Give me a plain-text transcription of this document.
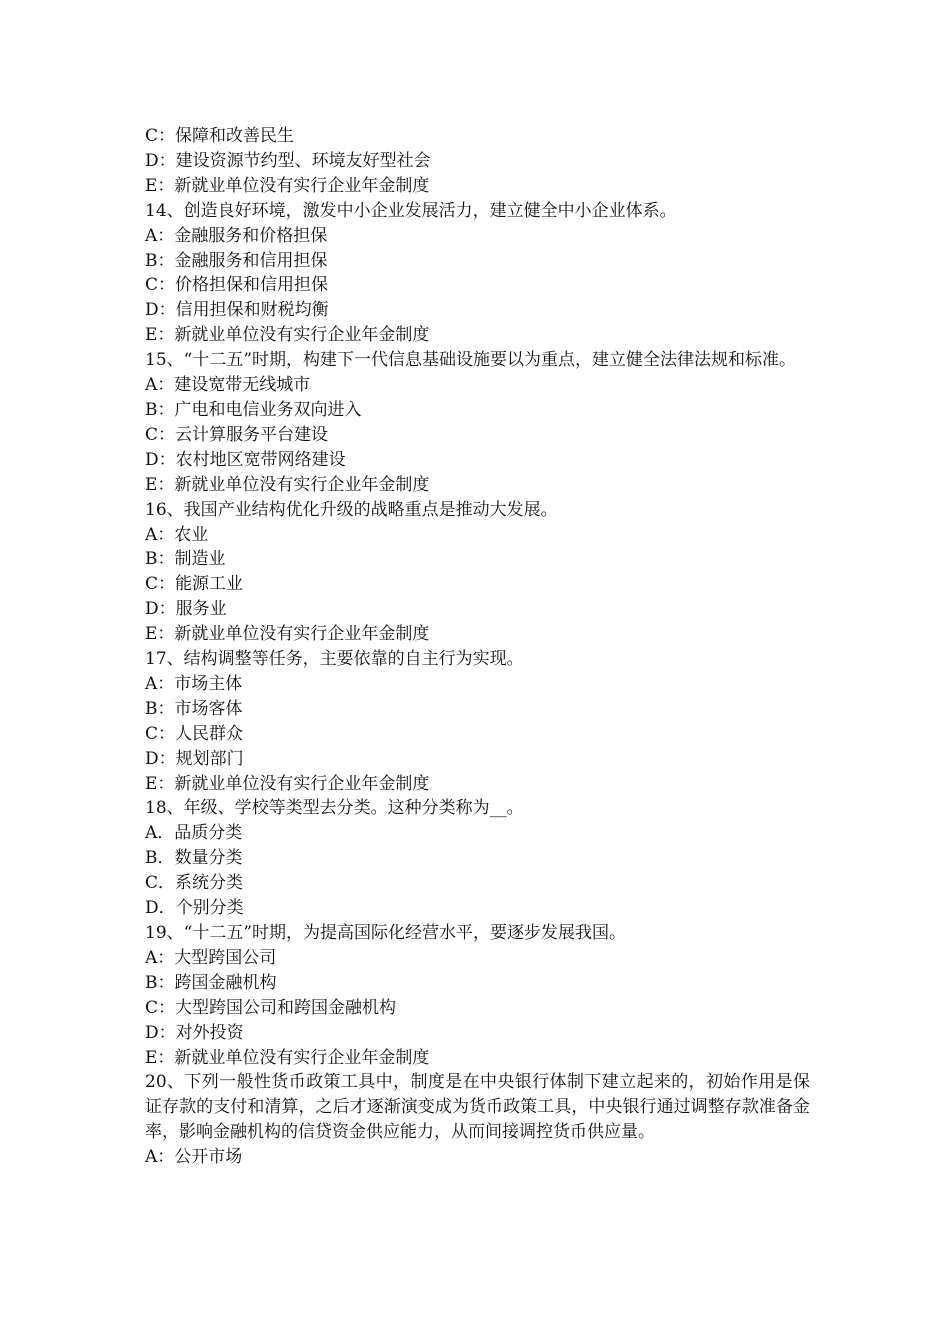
C：保障和改善民生
D：建设资源节约型、环境友好型社会
E：新就业单位没有实行企业年金制度
14、创造良好环境，激发中小企业发展活力，建立健全中小企业体系。
A：金融服务和价格担保
B：金融服务和信用担保
C：价格担保和信用担保
D：信用担保和财税均衡
E：新就业单位没有实行企业年金制度
15、“十二五”时期，构建下一代信息基础设施要以为重点，建立健全法律法规和标准。
A：建设宽带无线城市
B：广电和电信业务双向进入
C：云计算服务平台建设
D：农村地区宽带网络建设
E：新就业单位没有实行企业年金制度
16、我国产业结构优化升级的战略重点是推动大发展。
A：农业
B：制造业
C：能源工业
D：服务业
E：新就业单位没有实行企业年金制度
17、结构调整等任务，主要依靠的自主行为实现。
A：市场主体
B：市场客体
C：人民群众
D：规划部门
E：新就业单位没有实行企业年金制度
18、年级、学校等类型去分类。这种分类称为__。
A．品质分类
B．数量分类
C．系统分类
D．个别分类
19、“十二五”时期，为提高国际化经营水平，要逐步发展我国。
A：大型跨国公司
B：跨国金融机构
C：大型跨国公司和跨国金融机构
D：对外投资
E：新就业单位没有实行企业年金制度
20、下列一般性货币政策工具中，制度是在中央银行体制下建立起来的，初始作用是保证存款的支付和清算，之后才逐渐演变成为货币政策工具，中央银行通过调整存款准备金率，影响金融机构的信贷资金供应能力，从而间接调控货币供应量。
A：公开市场
